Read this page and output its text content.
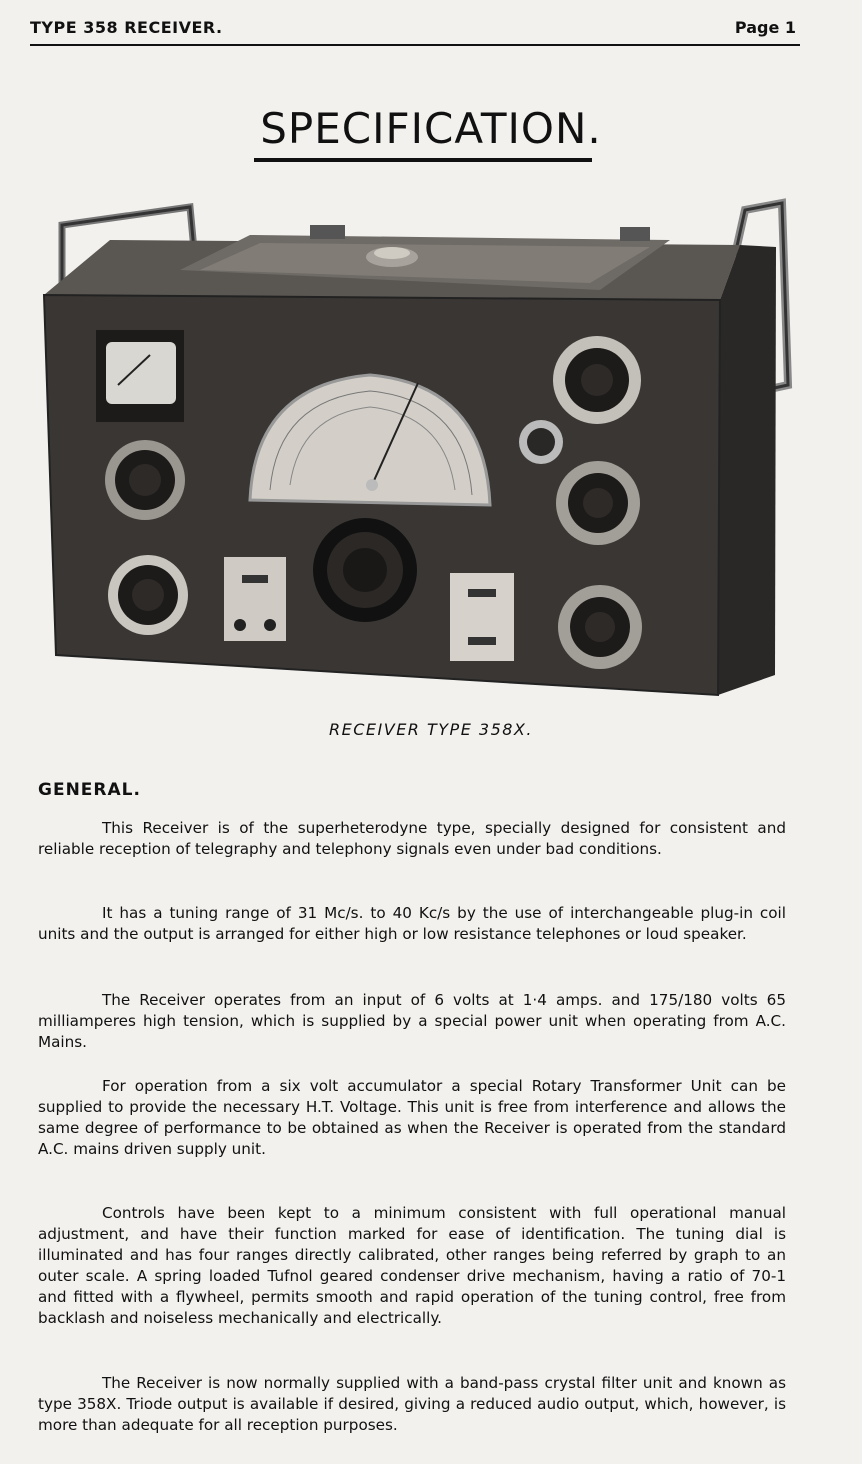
TYPE 358 RECEIVER.	Page 1
SPECIFICATION.
RECEIVER TYPE 358X.
GENERAL.

This Receiver is of the superheterodyne type, specially designed for consistent and reliable reception of telegraphy and telephony signals even under bad conditions.

It has a tuning range of 31 Mc/s. to 40 Kc/s by the use of interchangeable plug-in coil units and the output is arranged for either high or low resistance telephones or loud speaker.

The Receiver operates from an input of 6 volts at 1·4 amps. and 175/180 volts 65 milliamperes high tension, which is supplied by a special power unit when operating from A.C. Mains.

For operation from a six volt accumulator a special Rotary Transformer Unit can be supplied to provide the necessary H.T. Voltage. This unit is free from interference and allows the same degree of performance to be obtained as when the Receiver is operated from the standard A.C. mains driven supply unit.

Controls have been kept to a minimum consistent with full operational manual adjustment, and have their function marked for ease of identification. The tuning dial is illuminated and has four ranges directly calibrated, other ranges being referred by graph to an outer scale. A spring loaded Tufnol geared condenser drive mechanism, having a ratio of 70-1 and fitted with a flywheel, permits smooth and rapid operation of the tuning control, free from backlash and noiseless mechanically and electrically.

The Receiver is now normally supplied with a band-pass crystal filter unit and known as type 358X. Triode output is available if desired, giving a reduced audio output, which, however, is more than adequate for all reception purposes.
